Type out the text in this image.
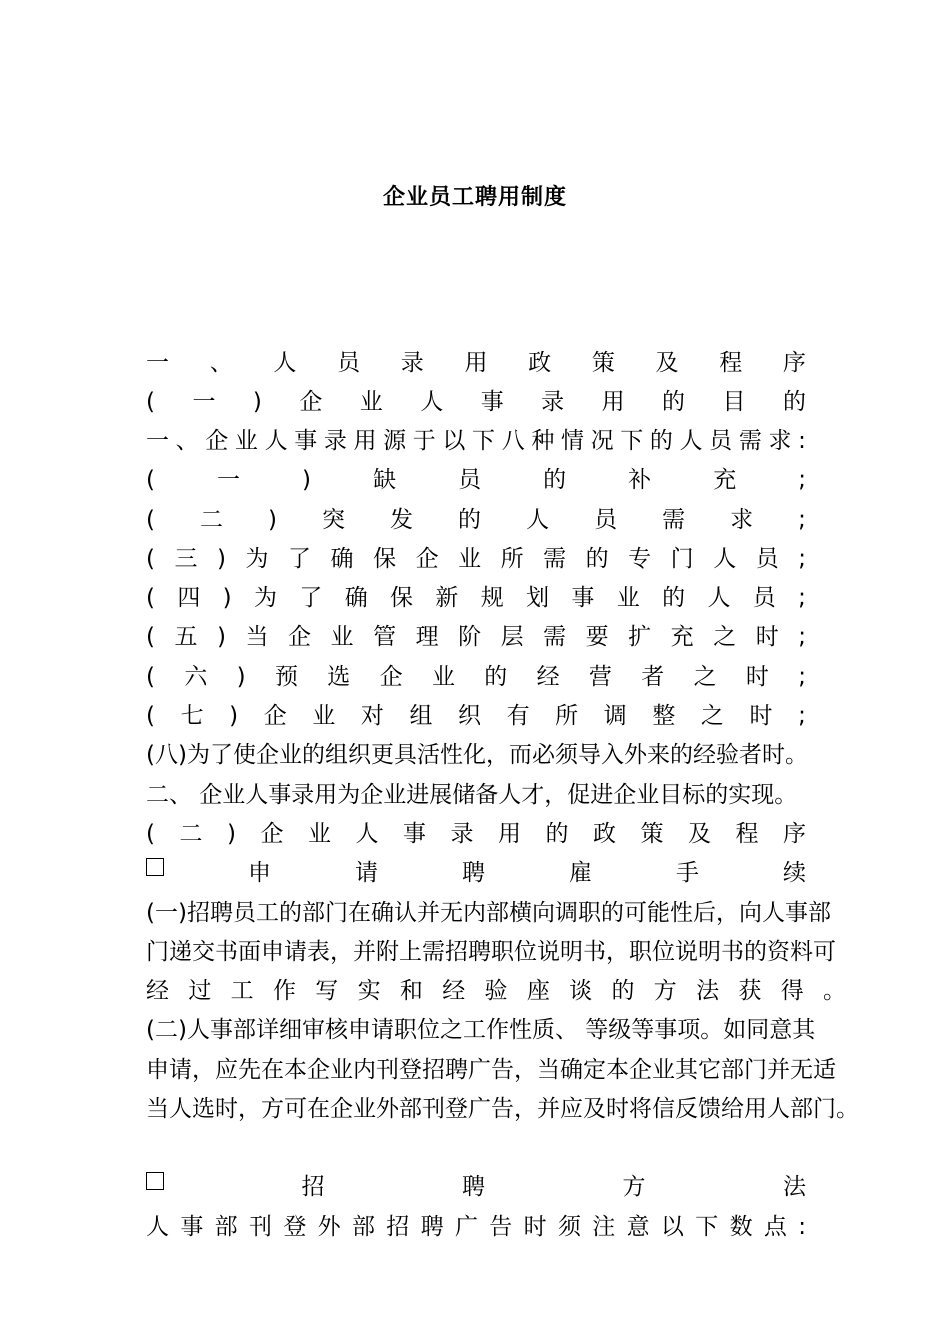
企业员工聘用制度
一 、 人 员 录 用 政 策 及 程 序
( 一 ) 企 业 人 事 录 用 的 目 的
一 、 企 业 人 事 录 用 源 于 以 下 八 种 情 况 下 的 人 员 需 求 :
(	一	)	缺	员	的	补	充	;
( 二 ) 突 发 的 人 员 需 求 ;
( 三 ) 为 了 确 保 企 业 所 需 的 专 门 人 员 ;
( 四 ) 为 了 确 保 新 规 划 事 业 的 人 员 ;
( 五 ) 当 企 业 管 理 阶 层 需 要 扩 充 之 时 ;
( 六 ) 预 选 企 业 的 经 营 者 之 时 ;
( 七 ) 企 业 对 组 织 有 所 调 整 之 时 ;
(八)为了使企业的组织更具活性化，而必须导入外来的经验者时。
二、 企业人事录用为企业进展储备人才，促进企业目标的实现。
( 二 ) 企 业 人 事 录 用 的 政 策 及 程 序
申	请	聘	雇	手	续
(一)招聘员工的部门在确认并无内部横向调职的可能性后，向人事部
门递交书面申请表，并附上需招聘职位说明书，职位说明书的资料可
经 过 工 作 写 实 和 经 验 座 谈 的 方 法 获 得 。
(二)人事部详细审核申请职位之工作性质、 等级等事项。如同意其
申请，应先在本企业内刊登招聘广告，当确定本企业其它部门并无适
当人选时，方可在企业外部刊登广告，并应及时将信反馈给用人部门。
招	聘	方	法
人 事 部 刊 登 外 部 招 聘 广 告 时 须 注 意 以 下 数 点 :
